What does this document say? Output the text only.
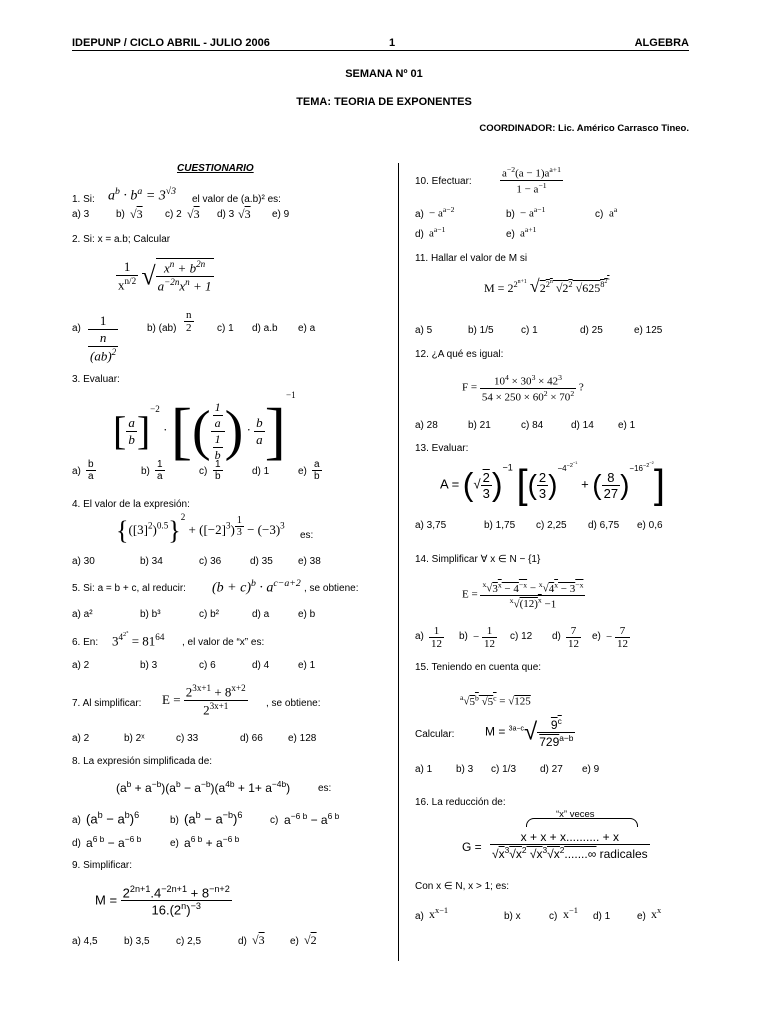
IDEPUNP / CICLO ABRIL - JULIO 2006	1	ALGEBRA
SEMANA Nº 01
TEMA: TEORIA DE EXPONENTES
COORDINADOR: Lic. Américo Carrasco Tineo.
CUESTIONARIO
1. Si: $a^b \cdot b^a = 3^{√3}$
el valor de (a.b)² es:
a) 3	b) √3 c) 2 √3 d) 3 √3 e) 9
2. Si: x = a.b; Calcular
$\frac{1}{x^{n/2}}$ √ $\frac{x^n + b^{2n}}{a^{-2n}x^n + 1}$
a)
1
n
(ab)$^2$
b) $(ab) \frac{n}{2} c$) 1 d) a.b e) a
3. Evaluar:
[ $\frac{a}{b} ]^{-2}$ · [( $\frac{\frac{1}{a}}{\frac{1}{b}}$ ) · $\frac{b}{a} ]^{-1}$
$a) \frac{b}{a}$	$b) \frac{1}{a}$	$c) \frac{1}{b}$	d) 1	$e) \frac{a}{b}$
4. El valor de la expresión:
$\{([3]^2)^{0.5}\}^2 + ([-2]^3) ^{\frac{1}{3}} - (-3)^3$
es:
a) 30	b) 34	c) 36	d) 35	e) 38
5. Si: a = b + c, al reducir: $(b + c)^b \cdot a^{c-a+2}$ , se obtiene:
a) a²	b) b³	c) b²	d) a	e) b
6. En: $3^{4^{2^x}} = 81^{64}$ , el valor de “x” es:
a) 2	b) 3	c) 6	d) 4	e) 1
7. Al simplificar: $E = \frac{2^{3x+1} + 8^{x+2}}{2^{3x+1}}$ , se obtiene:
a) 2	b) 2ˣ	c) 33	d) 66	e) 128
8. La expresión simplificada de:
$(a^b + a^{-b})(a^b - a^{-b})(a^{4b} + 1+ a^{-4b})$	es:
a) $(a^b - a^b)^6$	b) $(a^b - a^{-b})^6$	c) $a^{-6 b} - a^{6 b}$
d) $a^{6 b} - a^{-6 b}$	e) $a^{6 b} + a^{-6 b}$
9. Simplificar:
$M = \frac{2^{2n+1}.4^{-2n+1} + 8^{-n+2}}{16.(2^n)^{-3}}$
a) 4,5	b) 3,5	c) 2,5	d) √3	e) √2
10. Efectuar:	$\frac{a^{-2}(a - 1)a^{a+1}}{1 - a^{-1}}$
$a) - a^{a-2}$	$b) - a^{a-1}$	c) $a^a$
d) $a^{a-1}$	e) $a^{a+1}$
11. Hallar el valor de M si
$M = 2^{2^{n+1}}$ $√2^{2^n}$ $√2^2$ $√625^{8^{2^n}}$
a) 5	b) 1/5	c) 1	d) 25	e) 125
12. ¿A qué es igual:
$F = \frac{10^4 \times 30^3 \times 42^3}{54 \times 250 \times 60^2 \times 70^2}$ ?
a) 28	b) 21	c) 84	d) 14 e) 1
13. Evaluar:
A = (√ $\frac{2}{3} )^{-1}$ [( $\frac{2}{3} )^{-4^{-2^{-1}}}$ + ( $\frac{8}{27} )^{-16^{-2^{-2}}}$]
a) 3,75	b) 1,75 c) 2,25 d) 6,75 e) 0,6
14. Simplificar ∀ x ∈ N − {1}
$E = \frac{^x√3^x - 4^{-x} - ^x√4^x - 3^{-x}}{^x√(12)^x -1}$
$a) \frac{1}{12} b) - \frac{1}{12} c$) 12 $d) \frac{7}{12} e) - \frac{7}{12}$
15. Teniendo en cuenta que:
$^a$√5$^b$ $√5^c = √125$
Calcular:	$M = ^{3a-c}√ \frac{9^c}{729^{a-b}}$
a) 1 b) 3 c) 1/3 d) 27 e) 9
16. La reducción de:
“x” veces
$G = \frac{x + x + x.......... + x}{√x^3√x^2 √x^3√x^2.......\infty radicales}$
Con x ∈ N, x > 1; es:
a) $x^{x-1}$
b) x	c) $x^{-1}$
d) 1	e) $x^x$
